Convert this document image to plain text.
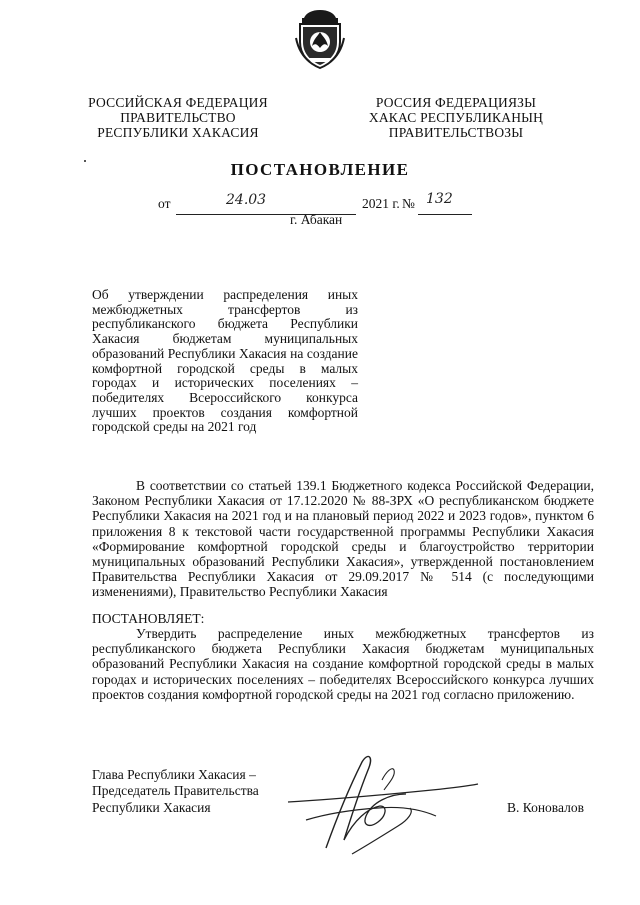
РОССИЙСКАЯ ФЕДЕРАЦИЯ
ПРАВИТЕЛЬСТВО
РЕСПУБЛИКИ ХАКАСИЯ
РОССИЯ ФЕДЕРАЦИЯЗЫ
ХАКАС РЕСПУБЛИКАНЫҢ
ПРАВИТЕЛЬСТВОЗЫ
ПОСТАНОВЛЕНИЕ
от	24.03	2021 г. № 132
г. Абакан
Об утверждении распределения иных межбюджетных трансфертов из республиканского бюджета Республики Хакасия бюджетам муниципальных образований Республики Хакасия на создание комфортной городской среды в малых городах и исторических поселениях – победителях Всероссийского конкурса лучших проектов создания комфортной городской среды на 2021 год
В соответствии со статьей 139.1 Бюджетного кодекса Российской Федерации, Законом Республики Хакасия от 17.12.2020 № 88-ЗРХ «О республиканском бюджете Республики Хакасия на 2021 год и на плановый период 2022 и 2023 годов», пунктом 6 приложения 8 к текстовой части государственной программы Республики Хакасия «Формирование комфортной городской среды и благоустройство территории муниципальных образований Республики Хакасия», утвержденной постановлением Правительства Республики Хакасия от 29.09.2017 № 514 (с последующими изменениями), Правительство Республики Хакасия
ПОСТАНОВЛЯЕТ:
Утвердить распределение иных межбюджетных трансфертов из республиканского бюджета Республики Хакасия бюджетам муниципальных образований Республики Хакасия на создание комфортной городской среды в малых городах и исторических поселениях – победителях Всероссийского конкурса лучших проектов создания комфортной городской среды на 2021 год согласно приложению.
Глава Республики Хакасия –
Председатель Правительства
Республики Хакасия	В. Коновалов
